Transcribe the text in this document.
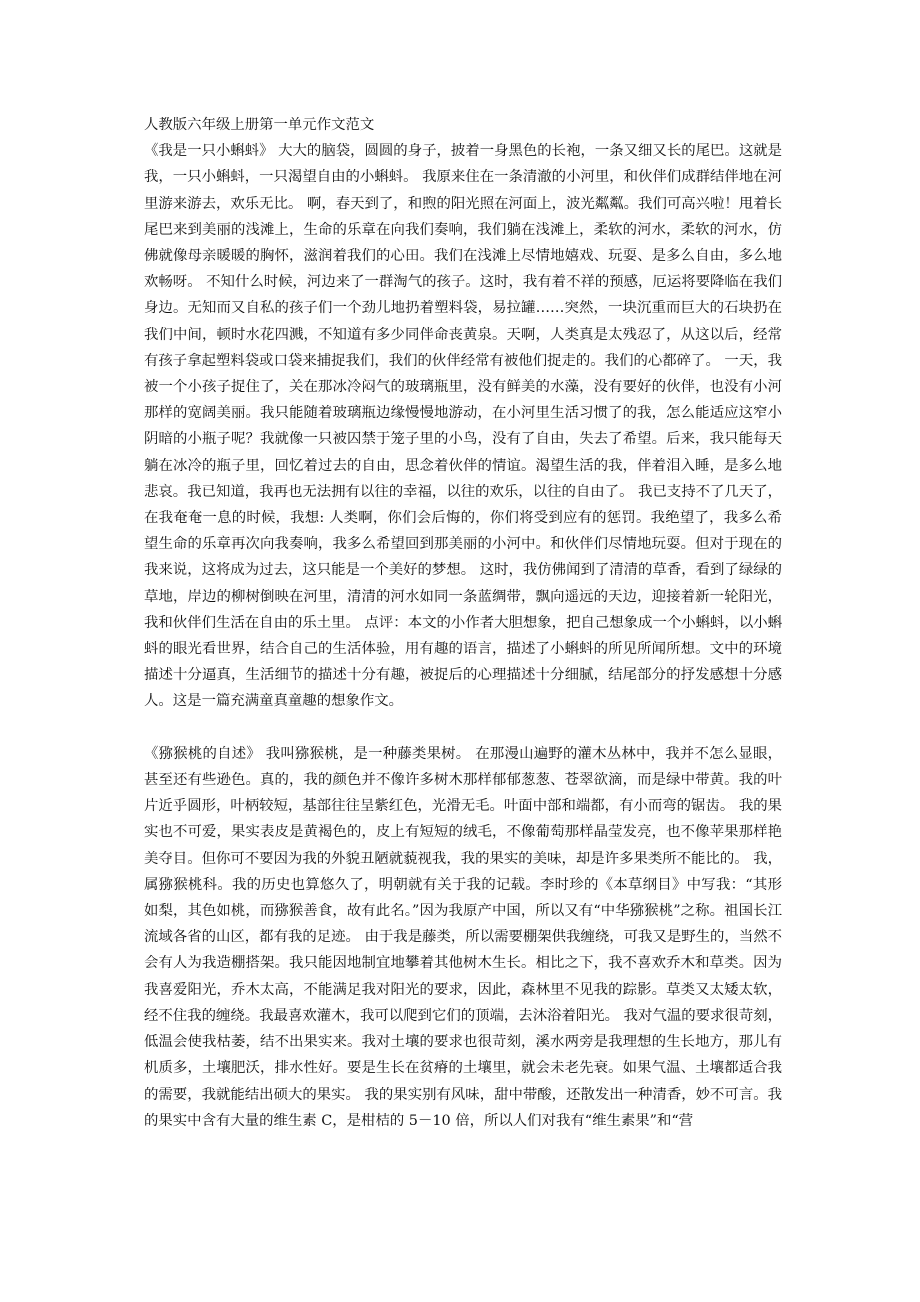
人教版六年级上册第一单元作文范文

《我是一只小蝌蚪》 大大的脑袋，圆圆的身子，披着一身黑色的长袍，一条又细又长的尾巴。这就是我，一只小蝌蚪，一只渴望自由的小蝌蚪。 我原来住在一条清澈的小河里，和伙伴们成群结伴地在河里游来游去，欢乐无比。 啊，春天到了，和煦的阳光照在河面上，波光粼粼。我们可高兴啦！甩着长尾巴来到美丽的浅滩上，生命的乐章在向我们奏响，我们躺在浅滩上，柔软的河水，柔软的河水，仿佛就像母亲暖暖的胸怀，滋润着我们的心田。我们在浅滩上尽情地嬉戏、玩耍、是多么自由，多么地欢畅呀。 不知什么时候，河边来了一群淘气的孩子。这时，我有着不祥的预感，厄运将要降临在我们身边。无知而又自私的孩子们一个劲儿地扔着塑料袋，易拉罐……突然，一块沉重而巨大的石块扔在我们中间，顿时水花四溅，不知道有多少同伴命丧黄泉。天啊，人类真是太残忍了，从这以后，经常有孩子拿起塑料袋或口袋来捕捉我们，我们的伙伴经常有被他们捉走的。我们的心都碎了。 一天，我被一个小孩子捉住了，关在那冰冷闷气的玻璃瓶里，没有鲜美的水藻，没有要好的伙伴，也没有小河那样的宽阔美丽。我只能随着玻璃瓶边缘慢慢地游动，在小河里生活习惯了的我，怎么能适应这窄小阴暗的小瓶子呢？我就像一只被囚禁于笼子里的小鸟，没有了自由，失去了希望。后来，我只能每天躺在冰冷的瓶子里，回忆着过去的自由，思念着伙伴的情谊。渴望生活的我，伴着泪入睡，是多么地悲哀。我已知道，我再也无法拥有以往的幸福，以往的欢乐，以往的自由了。 我已支持不了几天了，在我奄奄一息的时候，我想: 人类啊，你们会后悔的，你们将受到应有的惩罚。我绝望了，我多么希望生命的乐章再次向我奏响，我多么希望回到那美丽的小河中。和伙伴们尽情地玩耍。但对于现在的我来说，这将成为过去，这只能是一个美好的梦想。 这时，我仿佛闻到了清清的草香，看到了绿绿的草地，岸边的柳树倒映在河里，清清的河水如同一条蓝绸带，飘向遥远的天边，迎接着新一轮阳光，我和伙伴们生活在自由的乐土里。 点评：本文的小作者大胆想象，把自己想象成一个小蝌蚪，以小蝌蚪的眼光看世界，结合自己的生活体验，用有趣的语言，描述了小蝌蚪的所见所闻所想。文中的环境描述十分逼真，生活细节的描述十分有趣，被捉后的心理描述十分细腻，结尾部分的抒发感想十分感人。这是一篇充满童真童趣的想象作文。

《猕猴桃的自述》 我叫猕猴桃，是一种藤类果树。 在那漫山遍野的灌木丛林中，我并不怎么显眼，甚至还有些逊色。真的，我的颜色并不像许多树木那样郁郁葱葱、苍翠欲滴，而是绿中带黄。我的叶片近乎圆形，叶柄较短，基部往往呈紫红色，光滑无毛。叶面中部和端都，有小而弯的锯齿。 我的果实也不可爱，果实表皮是黄褐色的，皮上有短短的绒毛，不像葡萄那样晶莹发亮，也不像苹果那样艳美夺目。但你可不要因为我的外貌丑陋就藐视我，我的果实的美味，却是许多果类所不能比的。 我，属猕猴桃科。我的历史也算悠久了，明朝就有关于我的记载。李时珍的《本草纲目》中写我：“其形如梨，其色如桃，而猕猴善食，故有此名。”因为我原产中国，所以又有“中华猕猴桃”之称。祖国长江流域各省的山区，都有我的足迹。 由于我是藤类，所以需要棚架供我缠绕，可我又是野生的，当然不会有人为我造棚搭架。我只能因地制宜地攀着其他树木生长。相比之下，我不喜欢乔木和草类。因为我喜爱阳光，乔木太高，不能满足我对阳光的要求，因此，森林里不见我的踪影。草类又太矮太软，经不住我的缠绕。我最喜欢灌木，我可以爬到它们的顶端，去沐浴着阳光。 我对气温的要求很苛刻，低温会使我枯萎，结不出果实来。我对土壤的要求也很苛刻，溪水两旁是我理想的生长地方，那儿有机质多，土壤肥沃，排水性好。要是生长在贫瘠的土壤里，就会未老先衰。如果气温、土壤都适合我的需要，我就能结出硕大的果实。 我的果实别有风味，甜中带酸，还散发出一种清香，妙不可言。我的果实中含有大量的维生素 C，是柑桔的 5－10 倍，所以人们对我有“维生素果”和“营
